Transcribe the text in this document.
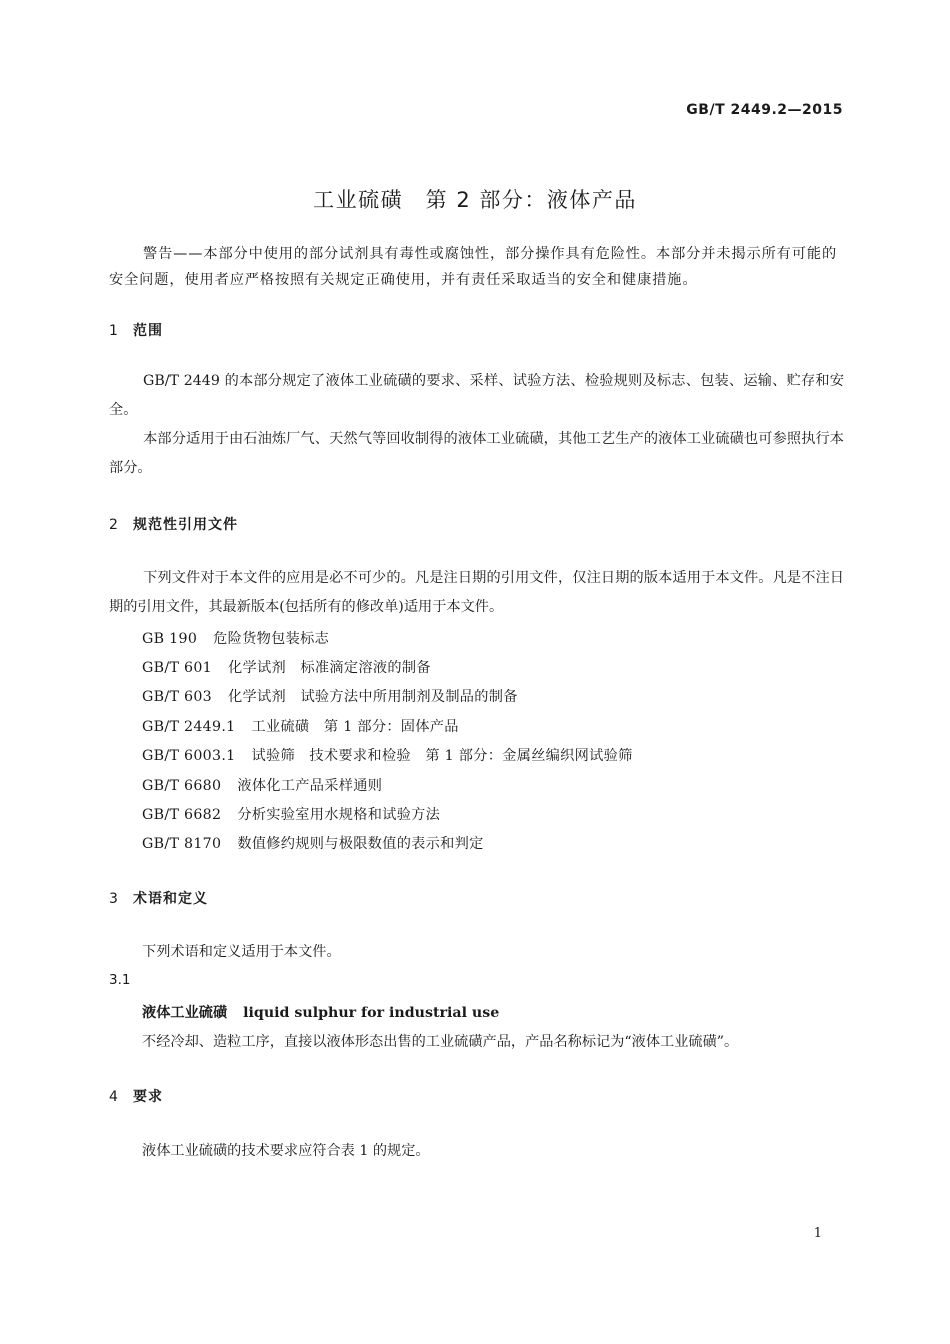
GB/T 2449.2—2015
工业硫磺　第 2 部分：液体产品
警告——本部分中使用的部分试剂具有毒性或腐蚀性，部分操作具有危险性。本部分并未揭示所有可能的安全问题，使用者应严格按照有关规定正确使用，并有责任采取适当的安全和健康措施。
1 范围
GB/T 2449 的本部分规定了液体工业硫磺的要求、采样、试验方法、检验规则及标志、包装、运输、贮存和安全。
本部分适用于由石油炼厂气、天然气等回收制得的液体工业硫磺，其他工艺生产的液体工业硫磺也可参照执行本部分。
2 规范性引用文件
下列文件对于本文件的应用是必不可少的。凡是注日期的引用文件，仅注日期的版本适用于本文件。凡是不注日期的引用文件，其最新版本(包括所有的修改单)适用于本文件。
GB 190 危险货物包装标志
GB/T 601 化学试剂　标准滴定溶液的制备
GB/T 603 化学试剂　试验方法中所用制剂及制品的制备
GB/T 2449.1 工业硫磺　第 1 部分：固体产品
GB/T 6003.1 试验筛　技术要求和检验　第 1 部分：金属丝编织网试验筛
GB/T 6680 液体化工产品采样通则
GB/T 6682 分析实验室用水规格和试验方法
GB/T 8170 数值修约规则与极限数值的表示和判定
3 术语和定义
下列术语和定义适用于本文件。
3.1
液体工业硫磺 liquid sulphur for industrial use
不经冷却、造粒工序，直接以液体形态出售的工业硫磺产品，产品名称标记为“液体工业硫磺”。
4 要求
液体工业硫磺的技术要求应符合表 1 的规定。
1
